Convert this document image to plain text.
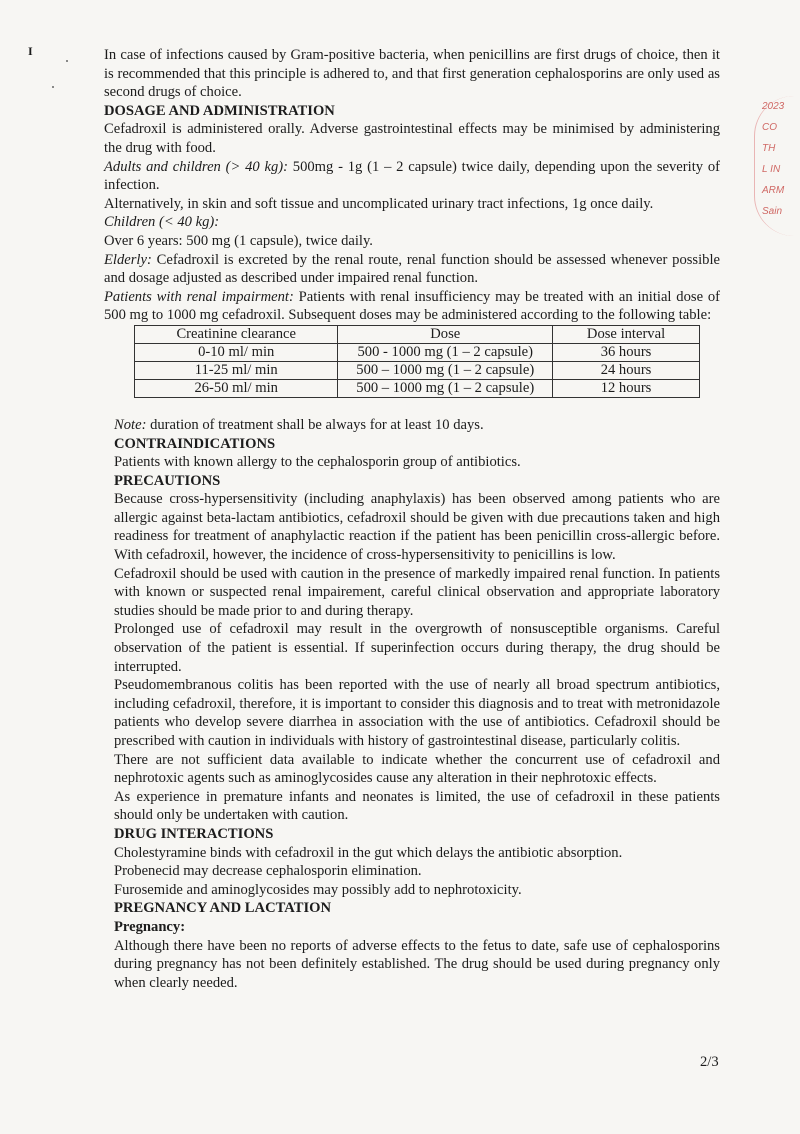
I
2023
CO
TH
L IN
ARM
Sain

In case of infections caused by Gram-positive bacteria, when penicillins are first drugs of choice, then it is recommended that this principle is adhered to, and that first generation cephalosporins are only used as second drugs of choice.

DOSAGE AND ADMINISTRATION

Cefadroxil is administered orally. Adverse gastrointestinal effects may be minimised by administering the drug with food.

Adults and children (> 40 kg): 500mg - 1g (1 – 2 capsule) twice daily, depending upon the severity of infection.

Alternatively, in skin and soft tissue and uncomplicated urinary tract infections, 1g once daily.

Children (< 40 kg):

Over 6 years: 500 mg (1 capsule), twice daily.

Elderly: Cefadroxil is excreted by the renal route, renal function should be assessed whenever possible and dosage adjusted as described under impaired renal function.

Patients with renal impairment: Patients with renal insufficiency may be treated with an initial dose of 500 mg to 1000 mg cefadroxil. Subsequent doses may be administered according to the following table:

Creatinine clearance	Dose	Dose interval
0-10 ml/ min	500 - 1000 mg (1 – 2 capsule)	36 hours
11-25 ml/ min	500 – 1000 mg (1 – 2 capsule)	24 hours
26-50 ml/ min	500 – 1000 mg (1 – 2 capsule)	12 hours

Note: duration of treatment shall be always for at least 10 days.

CONTRAINDICATIONS

Patients with known allergy to the cephalosporin group of antibiotics.

PRECAUTIONS

Because cross-hypersensitivity (including anaphylaxis) has been observed among patients who are allergic against beta-lactam antibiotics, cefadroxil should be given with due precautions taken and high readiness for treatment of anaphylactic reaction if the patient has been penicillin cross-allergic before. With cefadroxil, however, the incidence of cross-hypersensitivity to penicillins is low.

Cefadroxil should be used with caution in the presence of markedly impaired renal function. In patients with known or suspected renal impairement, careful clinical observation and appropriate laboratory studies should be made prior to and during therapy.

Prolonged use of cefadroxil may result in the overgrowth of nonsusceptible organisms. Careful observation of the patient is essential. If superinfection occurs during therapy, the drug should be interrupted.

Pseudomembranous colitis has been reported with the use of nearly all broad spectrum antibiotics, including cefadroxil, therefore, it is important to consider this diagnosis and to treat with metronidazole patients who develop severe diarrhea in association with the use of antibiotics. Cefadroxil should be prescribed with caution in individuals with history of gastrointestinal disease, particularly colitis.

There are not sufficient data available to indicate whether the concurrent use of cefadroxil and nephrotoxic agents such as aminoglycosides cause any alteration in their nephrotoxic effects.

As experience in premature infants and neonates is limited, the use of cefadroxil in these patients should only be undertaken with caution.

DRUG INTERACTIONS

Cholestyramine binds with cefadroxil in the gut which delays the antibiotic absorption.

Probenecid may decrease cephalosporin elimination.

Furosemide and aminoglycosides may possibly add to nephrotoxicity.

PREGNANCY AND LACTATION

Pregnancy:

Although there have been no reports of adverse effects to the fetus to date, safe use of cephalosporins during pregnancy has not been definitely established. The drug should be used during pregnancy only when clearly needed.

2/3
